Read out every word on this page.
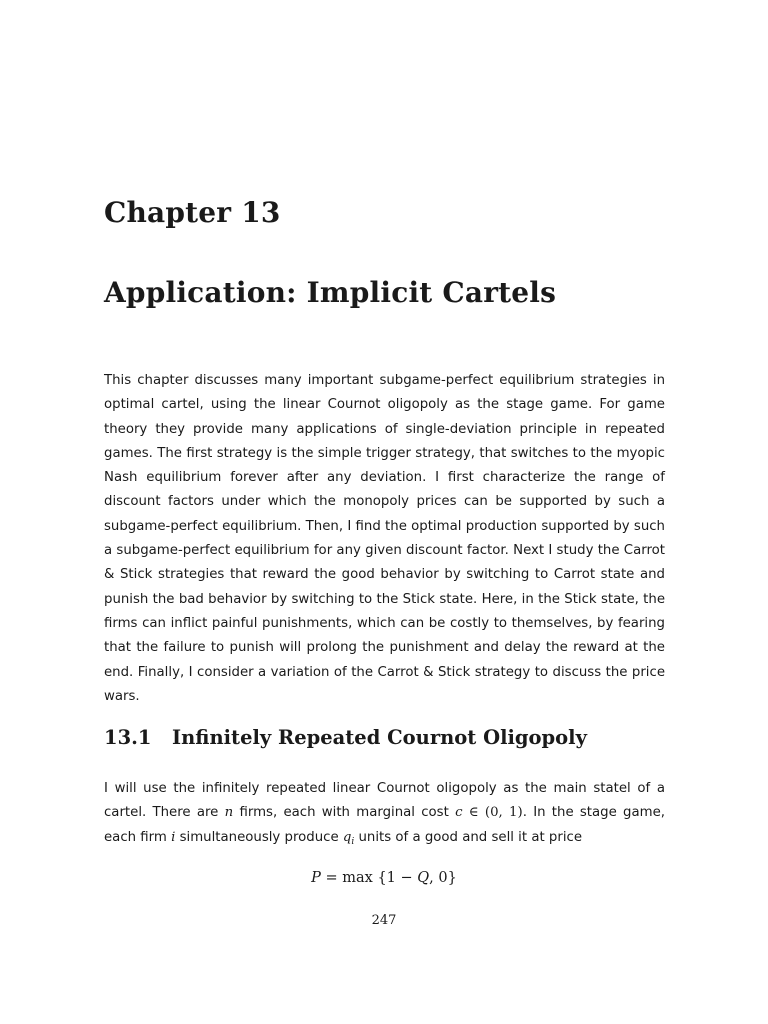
Chapter 13
Application: Implicit Cartels

This chapter discusses many important subgame-perfect equilibrium strategies in optimal cartel, using the linear Cournot oligopoly as the stage game. For game theory they provide many applications of single-deviation principle in repeated games. The first strategy is the simple trigger strategy, that switches to the myopic Nash equilibrium forever after any deviation. I first characterize the range of discount factors under which the monopoly prices can be supported by such a subgame-perfect equilibrium. Then, I find the optimal production supported by such a subgame-perfect equilibrium for any given discount factor. Next I study the Carrot & Stick strategies that reward the good behavior by switching to Carrot state and punish the bad behavior by switching to the Stick state. Here, in the Stick state, the firms can inflict painful punishments, which can be costly to themselves, by fearing that the failure to punish will prolong the punishment and delay the reward at the end. Finally, I consider a variation of the Carrot & Stick strategy to discuss the price wars.

13.1 Infinitely Repeated Cournot Oligopoly

I will use the infinitely repeated linear Cournot oligopoly as the main statel of a cartel. There are n firms, each with marginal cost c ∈ (0, 1). In the stage game, each firm i simultaneously produce $q_i$ units of a good and sell it at price

P = max {1 − Q, 0}

247
